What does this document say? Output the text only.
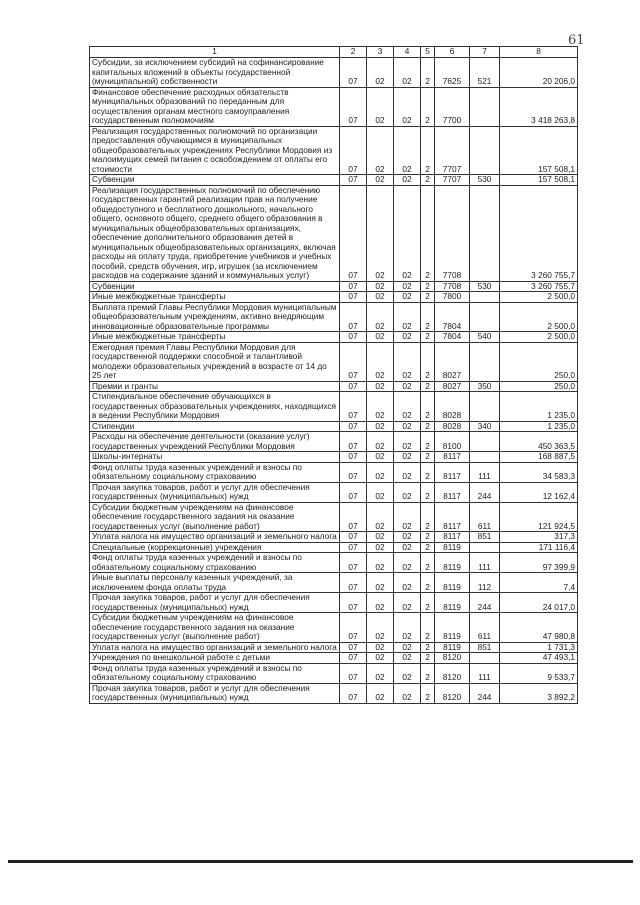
61
1	2	3	4	5	6	7	8
Субсидии, за исключением субсидий на софинансирование капитальных вложений в объекты государственной (муниципальной) собственности	07	02	02	2	7625	521	20 206,0
Финансовое обеспечение расходных обязательств муниципальных образований по переданным для осуществления органам местного самоуправления государственным полномочиям	07	02	02	2	7700		3 418 263,8
Реализация государственных полномочий по организации предоставления обучающимся в муниципальных общеобразовательных учреждениях Республики Мордовия из малоимущих семей питания с освобождением от оплаты его стоимости	07	02	02	2	7707		157 508,1
Субвенции	07	02	02	2	7707	530	157 508,1
Реализация государственных полномочий по обеспечению государственных гарантий реализации прав на получение общедоступного и бесплатного дошкольного, начального общего, основного общего, среднего общего образования в муниципальных общеобразовательных организациях, обеспечение дополнительного образования детей в муниципальных общеобразовательных организациях, включая расходы на оплату труда, приобретение учебников и учебных пособий, средств обучения, игр, игрушек (за исключением расходов на содержание зданий и коммунальных услуг)	07	02	02	2	7708		3 260 755,7
Субвенции	07	02	02	2	7708	530	3 260 755,7
Иные межбюджетные трансферты	07	02	02	2	7800		2 500,0
Выплата премий Главы Республики Мордовия муниципальным общеобразовательным учреждениям, активно внедряющим инновационные образовательные программы	07	02	02	2	7804		2 500,0
Иные межбюджетные трансферты	07	02	02	2	7804	540	2 500,0
Ежегодная премия Главы Республики Мордовия для государственной поддержки способной и талантливой молодежи образовательных учреждений в возрасте от 14 до 25 лет	07	02	02	2	8027		250,0
Премии и гранты	07	02	02	2	8027	350	250,0
Стипендиальное обеспечение обучающихся в государственных образовательных учреждениях, находящихся в ведении Республики Мордовия	07	02	02	2	8028		1 235,0
Стипендии	07	02	02	2	8028	340	1 235,0
Расходы на обеспечение деятельности (оказание услуг) государственных учреждений Республики Мордовия	07	02	02	2	8100		450 363,5
Школы-интернаты	07	02	02	2	8117		168 887,5
Фонд оплаты труда казенных учреждений и взносы по обязательному социальному страхованию	07	02	02	2	8117	111	34 583,3
Прочая закупка товаров, работ и услуг для обеспечения государственных (муниципальных) нужд	07	02	02	2	8117	244	12 162,4
Субсидии бюджетным учреждениям на финансовое обеспечение государственного задания на оказание государственных услуг (выполнение работ)	07	02	02	2	8117	611	121 924,5
Уплата налога на имущество организаций и земельного налога	07	02	02	2	8117	851	317,3
Специальные (коррекционные) учреждения	07	02	02	2	8119		171 116,4
Фонд оплаты труда казенных учреждений и взносы по обязательному социальному страхованию	07	02	02	2	8119	111	97 399,9
Иные выплаты персоналу казенных учреждений, за исключением фонда оплаты труда	07	02	02	2	8119	112	7,4
Прочая закупка товаров, работ и услуг для обеспечения государственных (муниципальных) нужд	07	02	02	2	8119	244	24 017,0
Субсидии бюджетным учреждениям на финансовое обеспечение государственного задания на оказание государственных услуг (выполнение работ)	07	02	02	2	8119	611	47 980,8
Уплата налога на имущество организаций и земельного налога	07	02	02	2	8119	851	1 731,3
Учреждения по внешкольной работе с детьми	07	02	02	2	8120		47 493,1
Фонд оплаты труда казенных учреждений и взносы по обязательному социальному страхованию	07	02	02	2	8120	111	9 533,7
Прочая закупка товаров, работ и услуг для обеспечения государственных (муниципальных) нужд	07	02	02	2	8120	244	3 892,2
